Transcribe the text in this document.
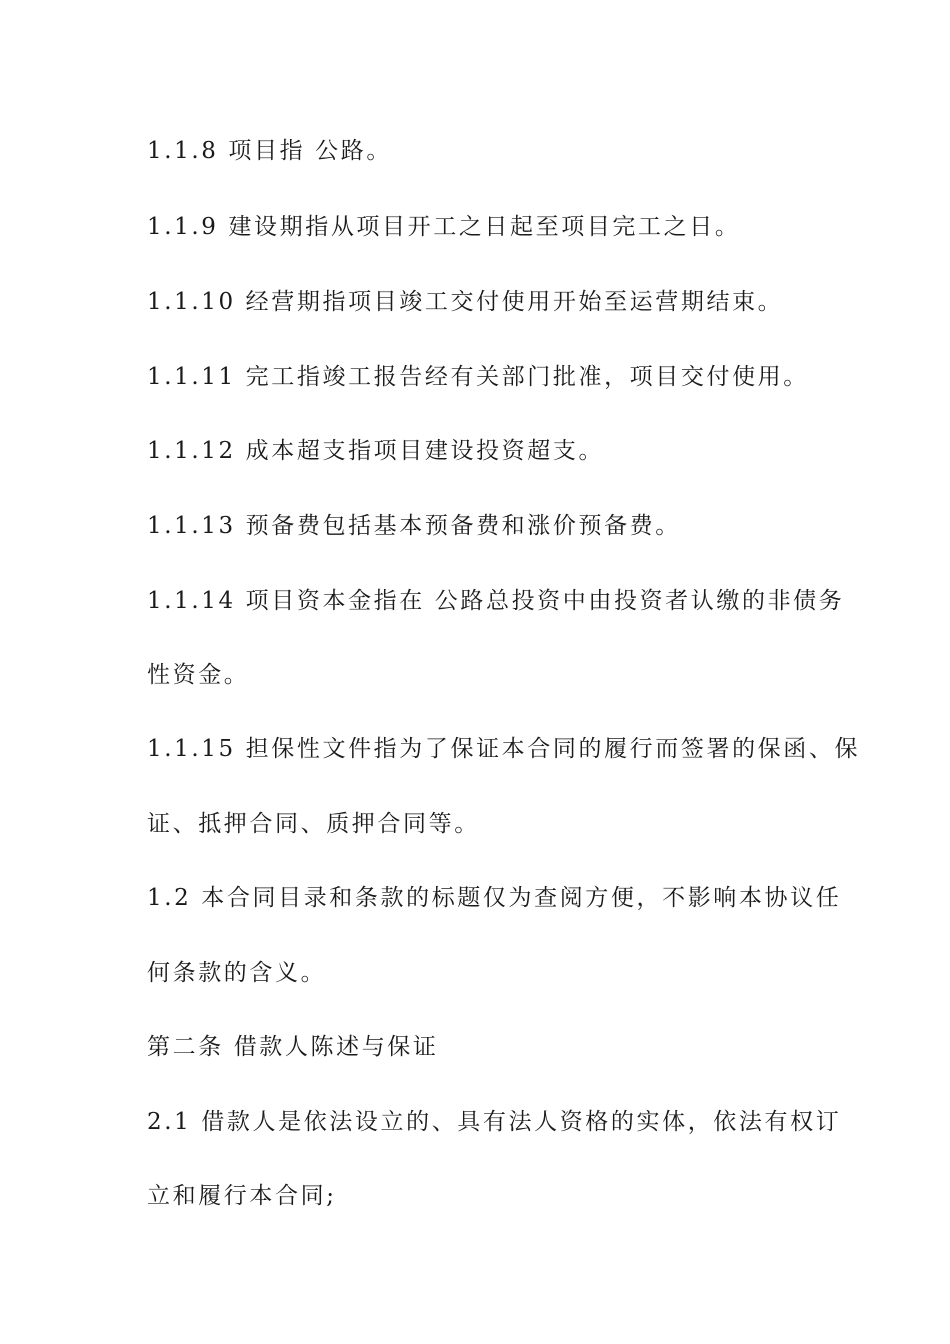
1.1.8 项目指 公路。
1.1.9 建设期指从项目开工之日起至项目完工之日。
1.1.10 经营期指项目竣工交付使用开始至运营期结束。
1.1.11 完工指竣工报告经有关部门批准，项目交付使用。
1.1.12 成本超支指项目建设投资超支。
1.1.13 预备费包括基本预备费和涨价预备费。
1.1.14 项目资本金指在 公路总投资中由投资者认缴的非债务
性资金。
1.1.15 担保性文件指为了保证本合同的履行而签署的保函、保
证、抵押合同、质押合同等。
1.2 本合同目录和条款的标题仅为查阅方便，不影响本协议任
何条款的含义。
第二条 借款人陈述与保证
2.1 借款人是依法设立的、具有法人资格的实体，依法有权订
立和履行本合同;
